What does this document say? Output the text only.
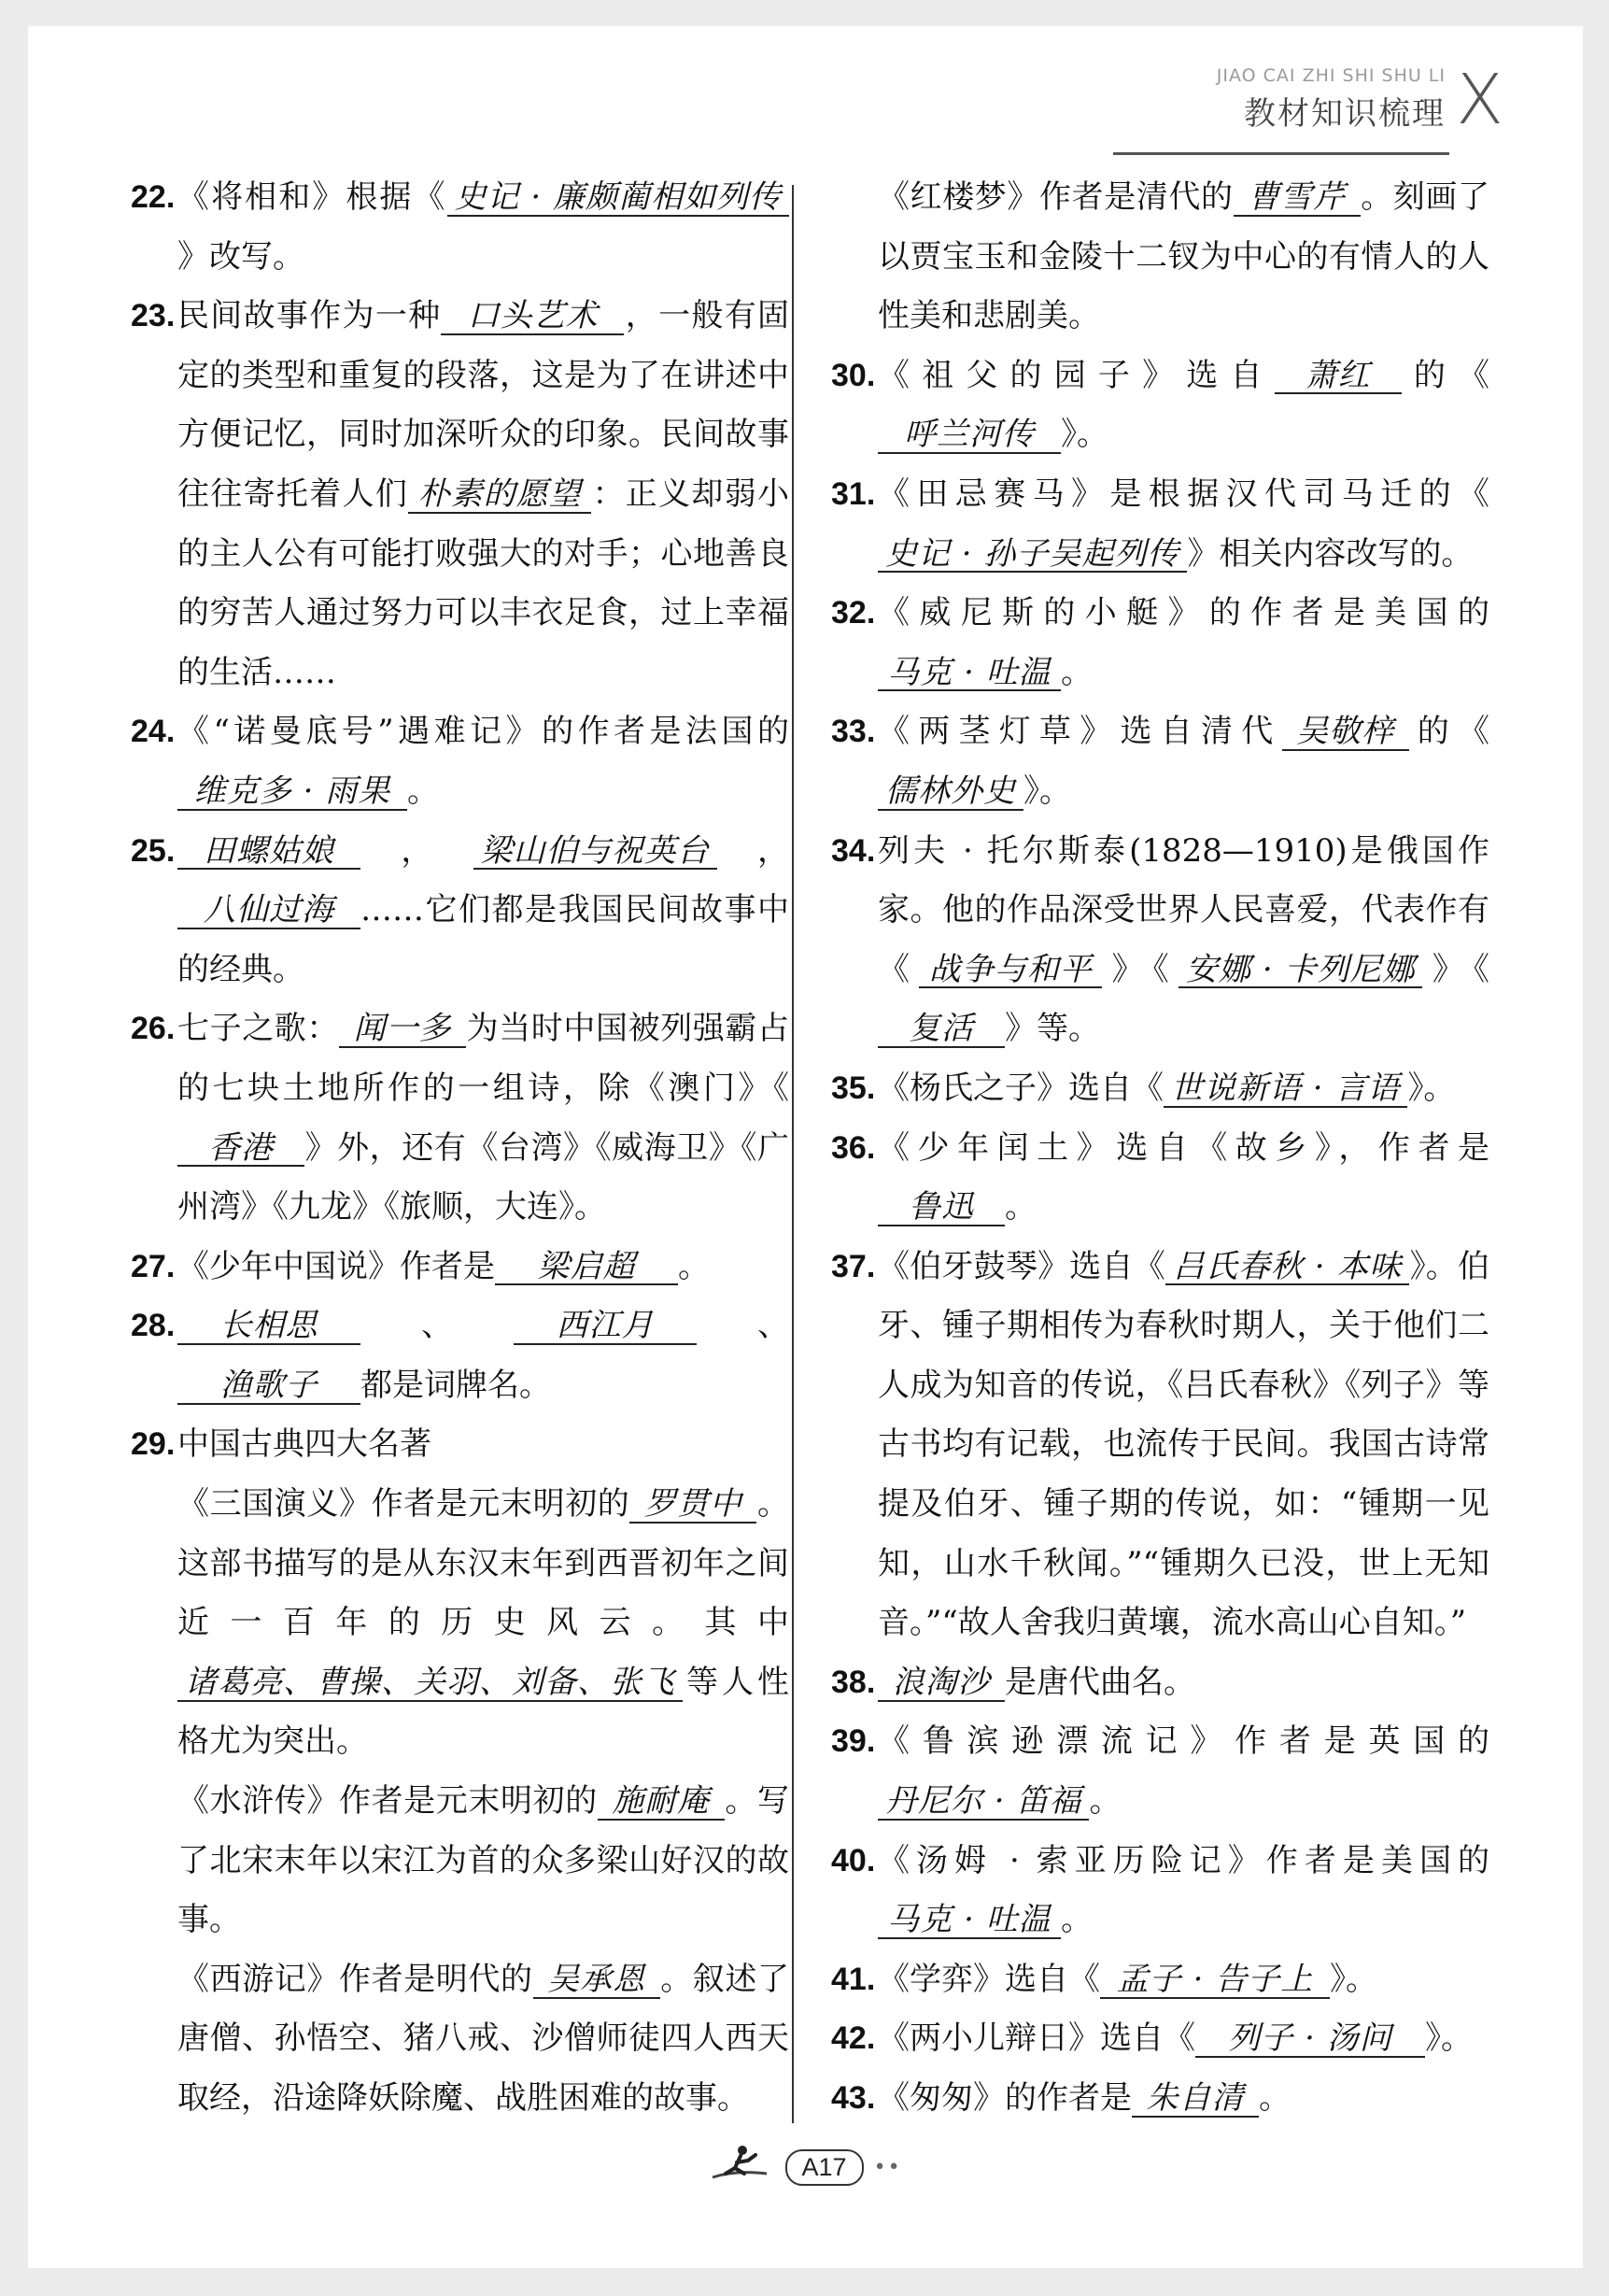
JIAO CAI ZHI SHI SHU LI
教材知识梳理 X
22. 《将相和》根据《 史记 · 廉颇蔺相如列传》改写。
23. 民间故事作为一种 口头艺术 ，一般有固定的类型和重复的段落，这是为了在讲述中方便记忆，同时加深听众的印象。民间故事往往寄托着人们 朴素的愿望 ：正义却弱小的主人公有可能打败强大的对手；心地善良的穷苦人通过努力可以丰衣足食，过上幸福的生活……
24. 《“诺曼底号”遇难记》的作者是法国的维克多 · 雨果 。
25. 田螺姑娘 ， 梁山伯与祝英台 ，八仙过海 ……它们都是我国民间故事中的经典。
26. 七子之歌： 闻一多 为当时中国被列强霸占的七块土地所作的一组诗，除《澳门》《香港 》外，还有《台湾》《威海卫》《广州湾》《九龙》《旅顺，大连》。
27. 《少年中国说》作者是 梁启超 。
28. 长相思 、 西江月 、渔歌子 都是词牌名。
29. 中国古典四大名著
《三国演义》作者是元末明初的 罗贯中 。这部书描写的是从东汉末年到西晋初年之间近一百年的历史风云。其中诸葛亮、曹操、关羽、刘备、张飞 等人性格尤为突出。
《水浒传》作者是元末明初的 施耐庵 。写了北宋末年以宋江为首的众多梁山好汉的故事。
《西游记》作者是明代的 吴承恩 。叙述了唐僧、孙悟空、猪八戒、沙僧师徒四人西天取经，沿途降妖除魔、战胜困难的故事。
《红楼梦》作者是清代的 曹雪芹 。刻画了以贾宝玉和金陵十二钗为中心的有情人的人性美和悲剧美。
30. 《祖父的园子》选自 萧红 的《呼兰河传 》。
31. 《田忌赛马》是根据汉代司马迁的《史记 · 孙子吴起列传 》相关内容改写的。
32. 《威尼斯的小艇》的作者是美国的马克 · 吐温 。
33. 《两茎灯草》选自清代 吴敬梓 的《儒林外史 》。
34. 列夫 · 托尔斯泰(1828—1910)是俄国作家。他的作品深受世界人民喜爱，代表作有《 战争与和平 》《 安娜 · 卡列尼娜 》《复活 》等。
35. 《杨氏之子》选自《 世说新语 · 言语 》。
36. 《少年闰土》选自《故乡》，作者是鲁迅 。
37. 《伯牙鼓琴》选自《 吕氏春秋 · 本味 》。伯牙、锺子期相传为春秋时期人，关于他们二人成为知音的传说，《吕氏春秋》《列子》等古书均有记载，也流传于民间。我国古诗常提及伯牙、锺子期的传说，如：“锺期一见知，山水千秋闻。”“锺期久已没，世上无知音。”“故人舍我归黄壤，流水高山心自知。”
38. 浪淘沙 是唐代曲名。
39. 《鲁滨逊漂流记》作者是英国的丹尼尔 · 笛福 。
40. 《汤姆 · 索亚历险记》作者是美国的马克 · 吐温 。
41. 《学弈》选自《 孟子 · 告子上 》。
42. 《两小儿辩日》选自《 列子 · 汤问 》。
43. 《匆匆》的作者是 朱自清 。
A17 ••
